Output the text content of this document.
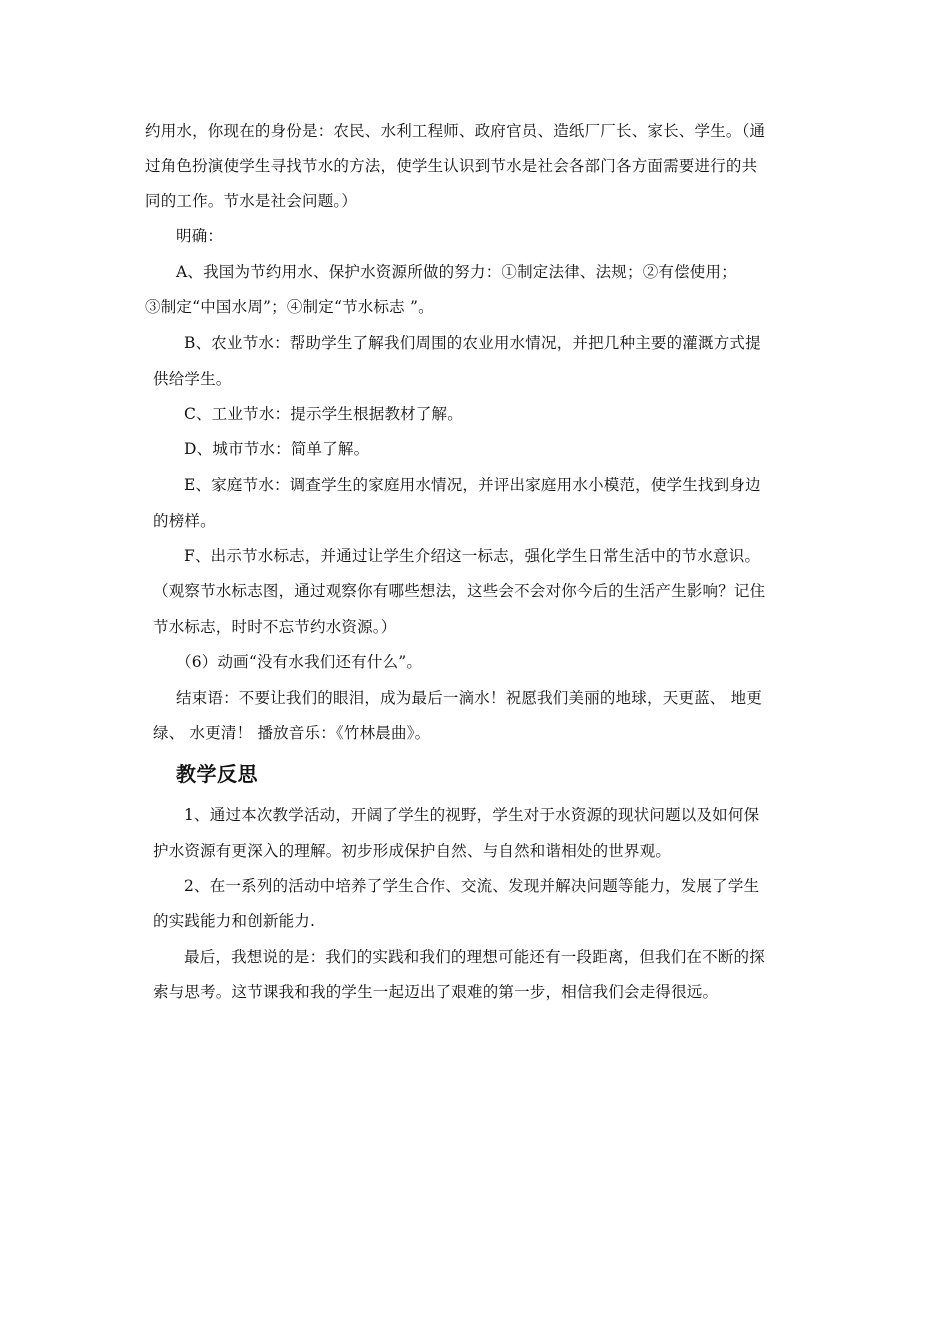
约用水，你现在的身份是：农民、水利工程师、政府官员、造纸厂厂长、家长、学生。（通
过角色扮演使学生寻找节水的方法，使学生认识到节水是社会各部门各方面需要进行的共
同的工作。节水是社会问题。）
明确：
A、我国为节约用水、保护水资源所做的努力：①制定法律、法规；②有偿使用；
③制定“中国水周”；④制定“节水标志 ”。
B、农业节水：帮助学生了解我们周围的农业用水情况，并把几种主要的灌溉方式提
供给学生。
C、工业节水：提示学生根据教材了解。
D、城市节水：简单了解。
E、家庭节水：调查学生的家庭用水情况，并评出家庭用水小模范，使学生找到身边
的榜样。
F、出示节水标志，并通过让学生介绍这一标志，强化学生日常生活中的节水意识。
（观察节水标志图，通过观察你有哪些想法，这些会不会对你今后的生活产生影响？记住
节水标志，时时不忘节约水资源。）
（6）动画“没有水我们还有什么”。
结束语：不要让我们的眼泪，成为最后一滴水！祝愿我们美丽的地球，天更蓝、 地更
绿、 水更清！ 播放音乐：《竹林晨曲》。
教学反思
1、通过本次教学活动，开阔了学生的视野，学生对于水资源的现状问题以及如何保
护水资源有更深入的理解。初步形成保护自然、与自然和谐相处的世界观。
2、在一系列的活动中培养了学生合作、交流、发现并解决问题等能力，发展了学生
的实践能力和创新能力.
最后，我想说的是：我们的实践和我们的理想可能还有一段距离，但我们在不断的探
索与思考。这节课我和我的学生一起迈出了艰难的第一步，相信我们会走得很远。
